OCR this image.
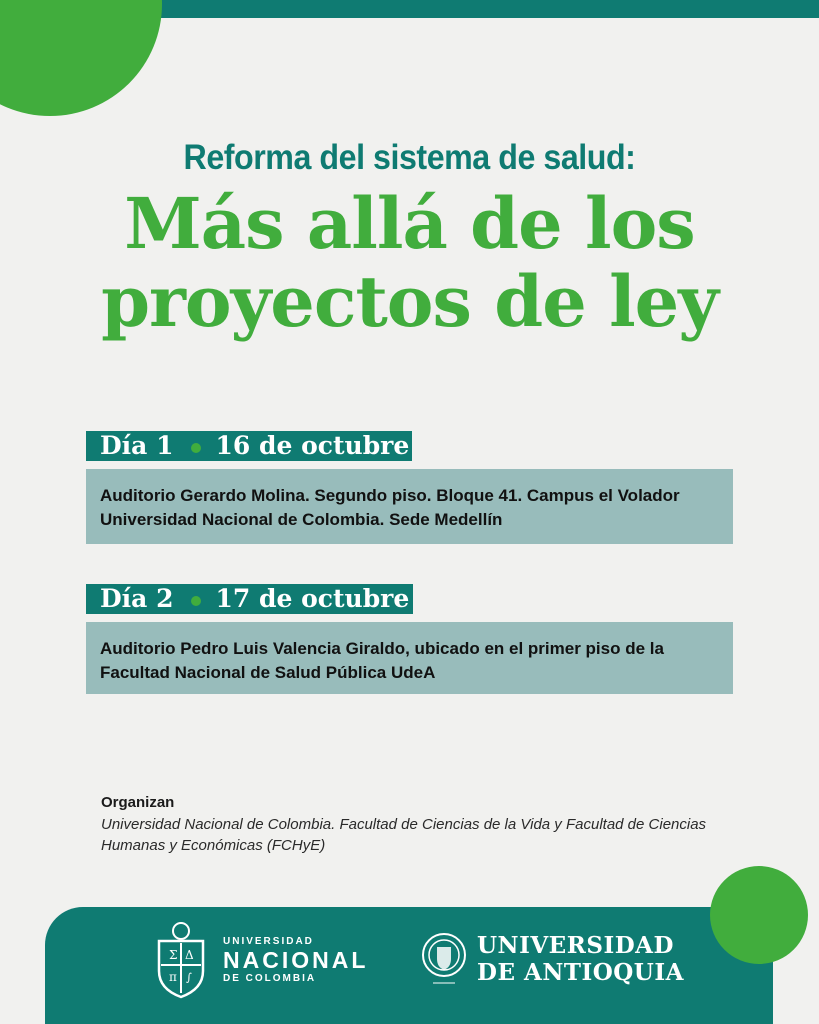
Reforma del sistema de salud:
Más allá de los
proyectos de ley
Día 1 16 de octubre
Auditorio Gerardo Molina. Segundo piso. Bloque 41. Campus el Volador
Universidad Nacional de Colombia. Sede Medellín
Día 2 17 de octubre
Auditorio Pedro Luis Valencia Giraldo, ubicado en el primer piso de la
Facultad Nacional de Salud Pública UdeA
Organizan
Universidad Nacional de Colombia. Facultad de Ciencias de la Vida y Facultad de Ciencias Humanas y Económicas (FCHyE)
Σ Δ
π ∫
UNIVERSIDAD
NACIONAL
DE COLOMBIA
UNIVERSIDAD
DE ANTIOQUIA
